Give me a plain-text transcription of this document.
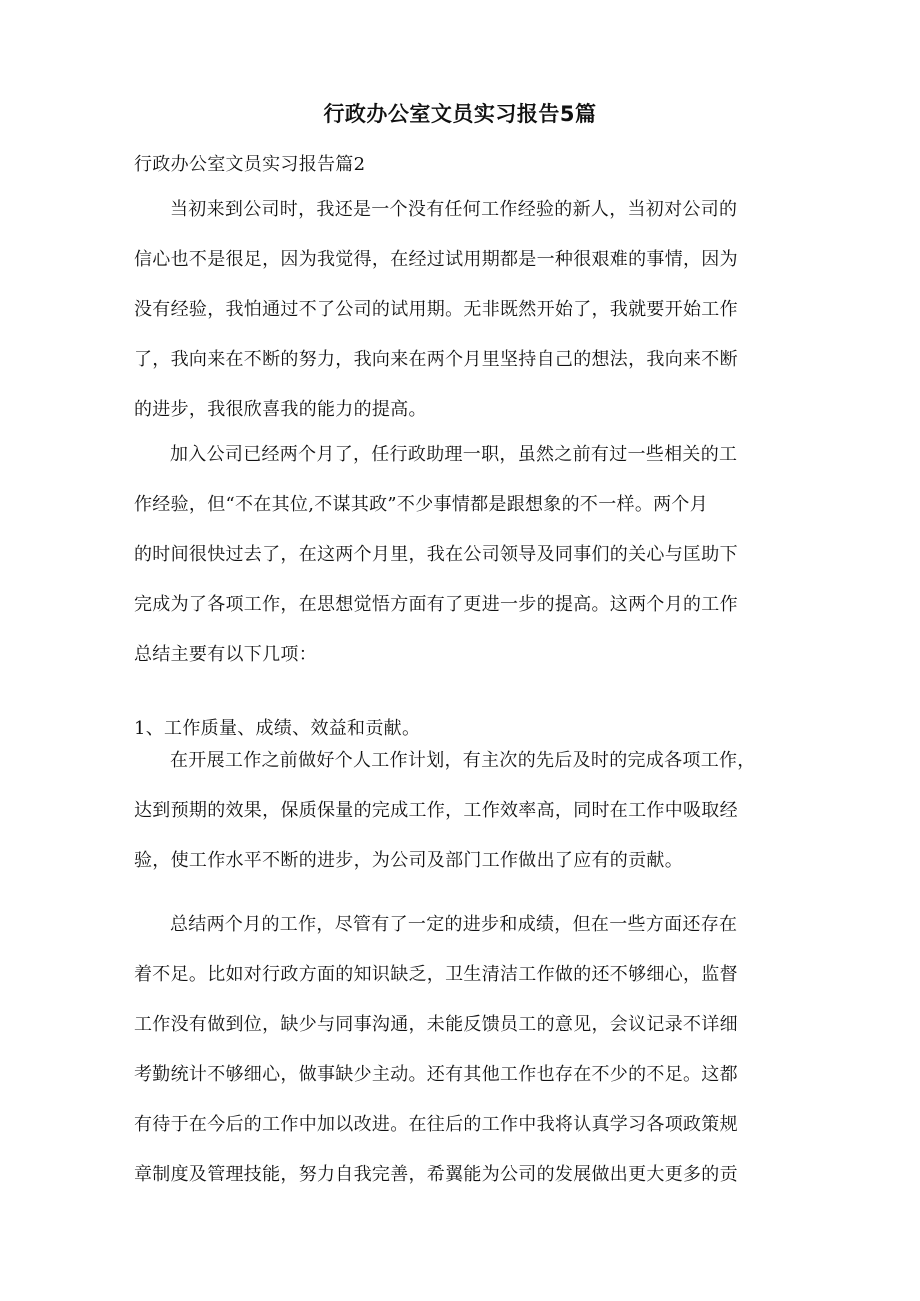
行政办公室文员实习报告5篇

行政办公室文员实习报告篇2

当初来到公司时，我还是一个没有任何工作经验的新人，当初对公司的
信心也不是很足，因为我觉得，在经过试用期都是一种很艰难的事情，因为
没有经验，我怕通过不了公司的试用期。无非既然开始了，我就要开始工作
了，我向来在不断的努力，我向来在两个月里坚持自己的想法，我向来不断
的进步，我很欣喜我的能力的提高。
加入公司已经两个月了，任行政助理一职，虽然之前有过一些相关的工
作经验，但“不在其位,不谋其政”不少事情都是跟想象的不一样。两个月
的时间很快过去了，在这两个月里，我在公司领导及同事们的关心与匡助下
完成为了各项工作，在思想觉悟方面有了更进一步的提高。这两个月的工作
总结主要有以下几项：

1、工作质量、成绩、效益和贡献。

在开展工作之前做好个人工作计划，有主次的先后及时的完成各项工作，
达到预期的效果，保质保量的完成工作，工作效率高，同时在工作中吸取经
验，使工作水平不断的进步，为公司及部门工作做出了应有的贡献。
总结两个月的工作，尽管有了一定的进步和成绩，但在一些方面还存在
着不足。比如对行政方面的知识缺乏，卫生清洁工作做的还不够细心，监督
工作没有做到位，缺少与同事沟通，未能反馈员工的意见，会议记录不详细
考勤统计不够细心，做事缺少主动。还有其他工作也存在不少的不足。这都
有待于在今后的工作中加以改进。在往后的工作中我将认真学习各项政策规
章制度及管理技能，努力自我完善，希翼能为公司的发展做出更大更多的贡
